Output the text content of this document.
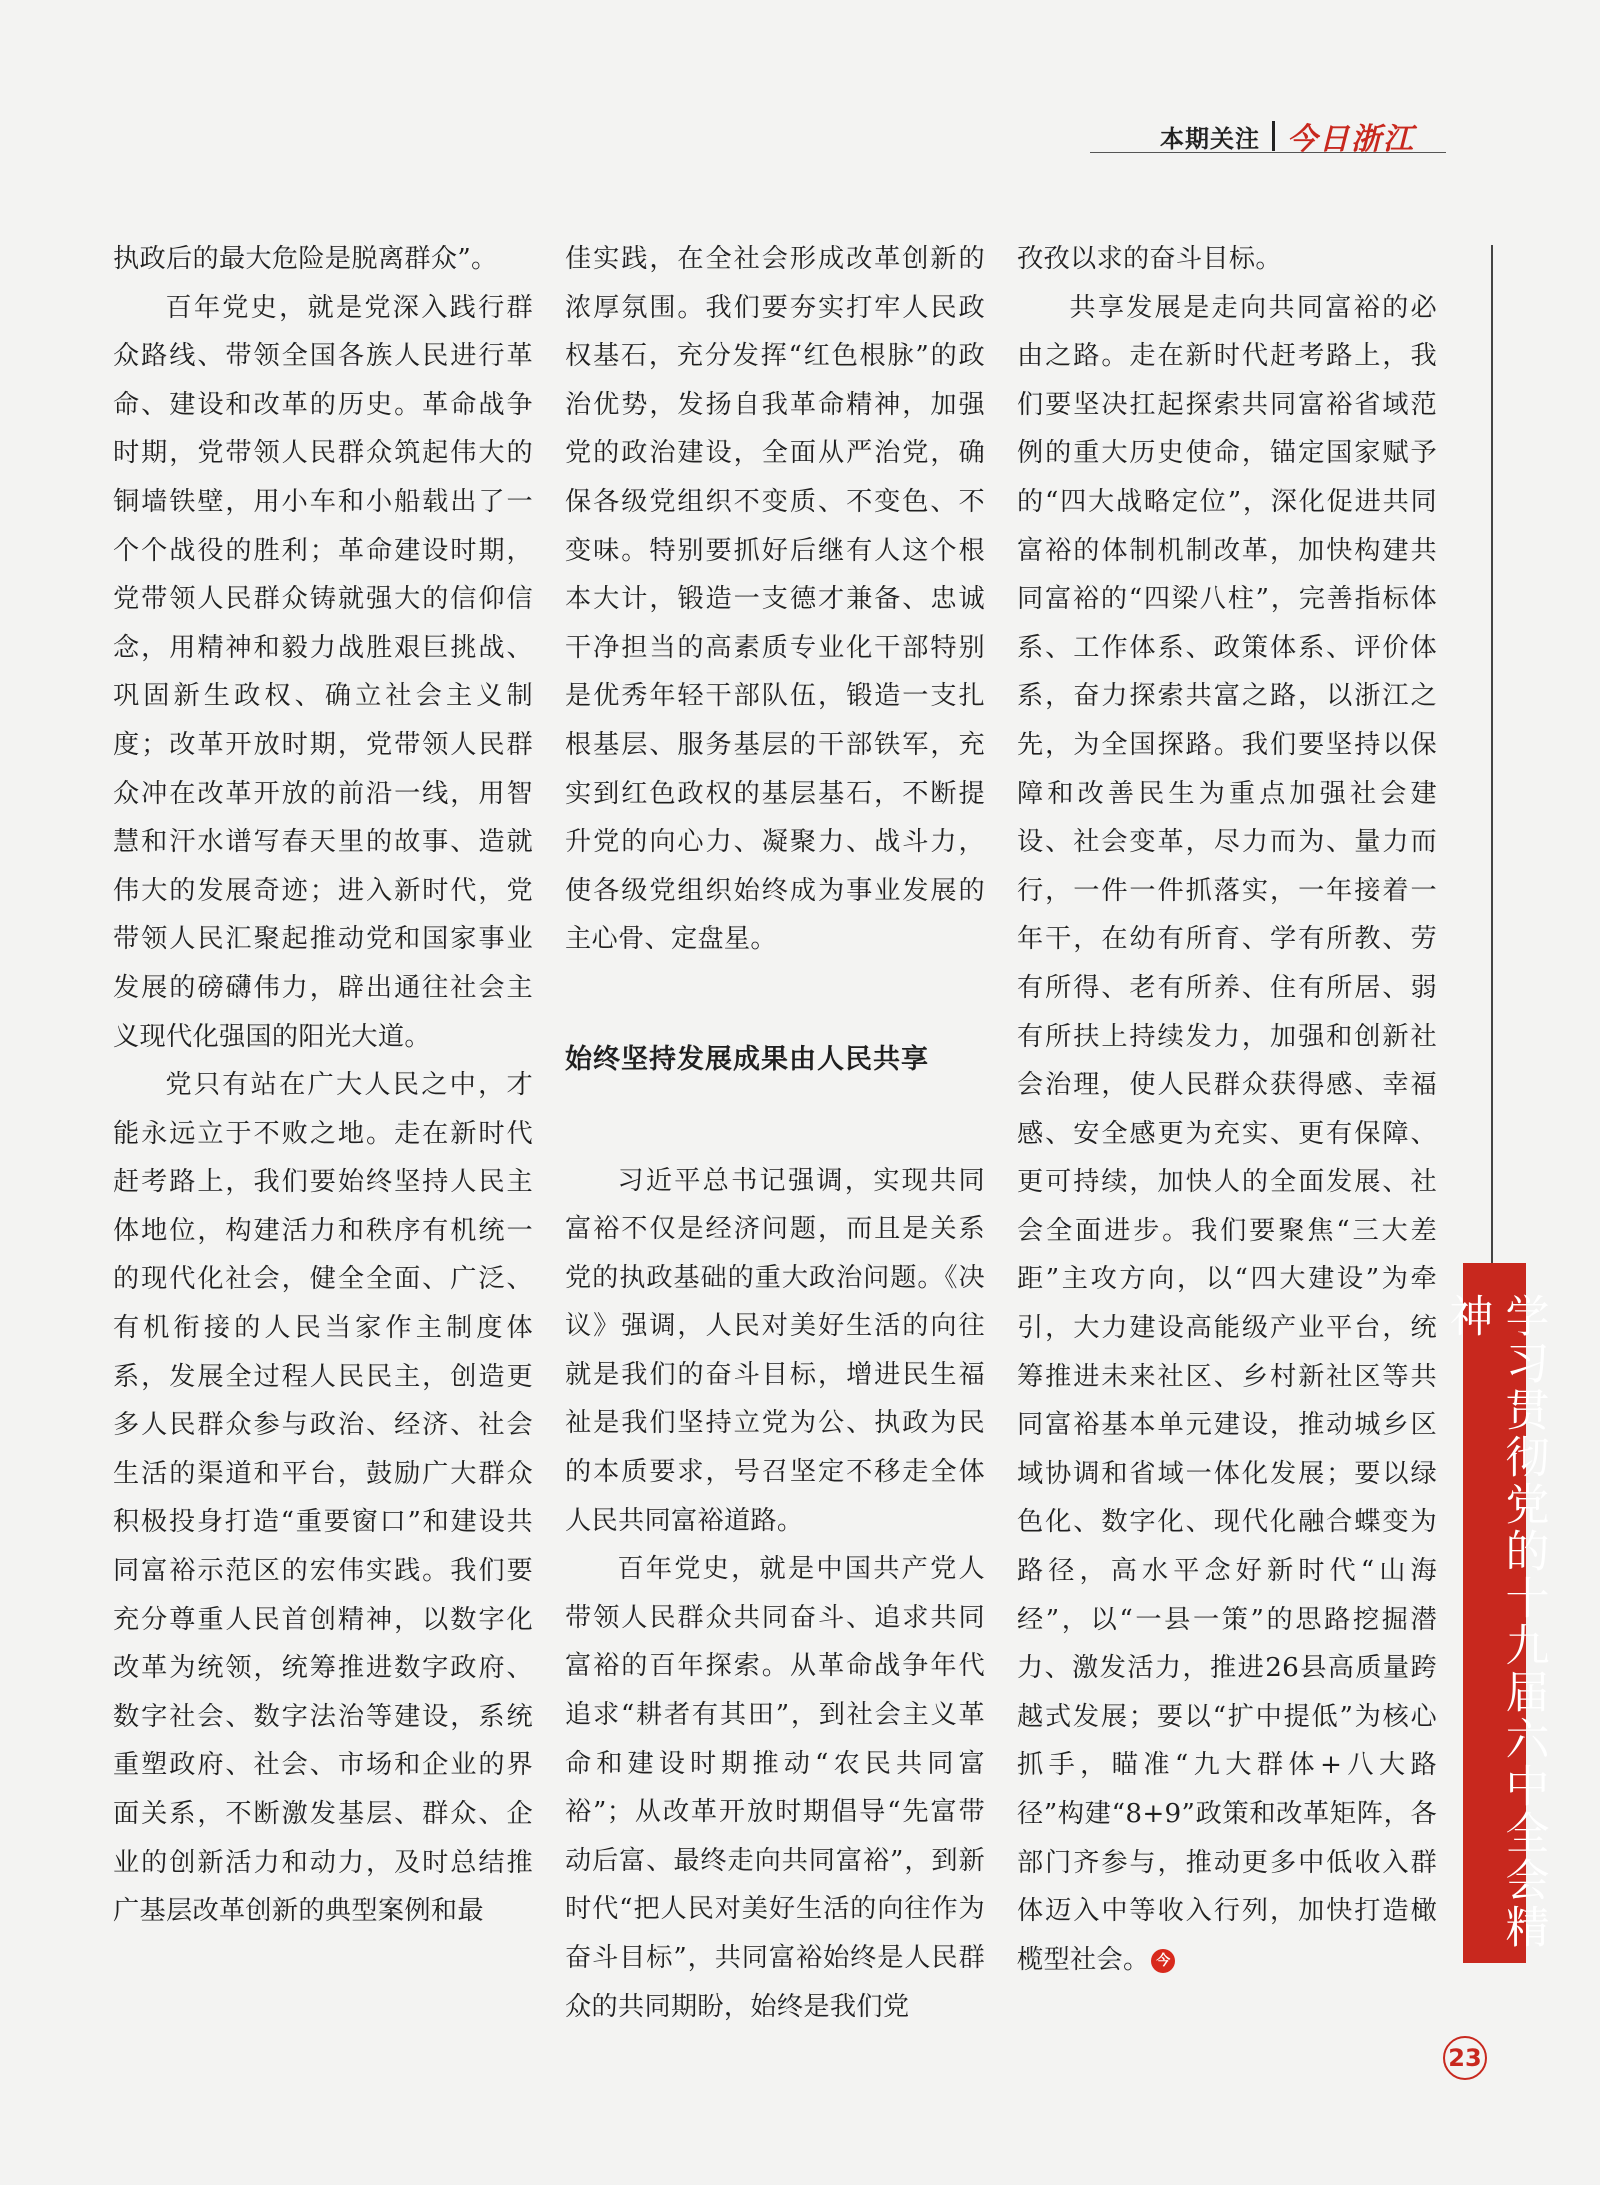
本期关注 今日浙江

执政后的最大危险是脱离群众”。

百年党史，就是党深入践行群众路线、带领全国各族人民进行革命、建设和改革的历史。革命战争时期，党带领人民群众筑起伟大的铜墙铁壁，用小车和小船载出了一个个战役的胜利；革命建设时期，党带领人民群众铸就强大的信仰信念，用精神和毅力战胜艰巨挑战、巩固新生政权、确立社会主义制度；改革开放时期，党带领人民群众冲在改革开放的前沿一线，用智慧和汗水谱写春天里的故事、造就伟大的发展奇迹；进入新时代，党带领人民汇聚起推动党和国家事业发展的磅礴伟力，辟出通往社会主义现代化强国的阳光大道。

党只有站在广大人民之中，才能永远立于不败之地。走在新时代赶考路上，我们要始终坚持人民主体地位，构建活力和秩序有机统一的现代化社会，健全全面、广泛、有机衔接的人民当家作主制度体系，发展全过程人民民主，创造更多人民群众参与政治、经济、社会生活的渠道和平台，鼓励广大群众积极投身打造“重要窗口”和建设共同富裕示范区的宏伟实践。我们要充分尊重人民首创精神，以数字化改革为统领，统筹推进数字政府、数字社会、数字法治等建设，系统重塑政府、社会、市场和企业的界面关系，不断激发基层、群众、企业的创新活力和动力，及时总结推广基层改革创新的典型案例和最

佳实践，在全社会形成改革创新的浓厚氛围。我们要夯实打牢人民政权基石，充分发挥“红色根脉”的政治优势，发扬自我革命精神，加强党的政治建设，全面从严治党，确保各级党组织不变质、不变色、不变味。特别要抓好后继有人这个根本大计，锻造一支德才兼备、忠诚干净担当的高素质专业化干部特别是优秀年轻干部队伍，锻造一支扎根基层、服务基层的干部铁军，充实到红色政权的基层基石，不断提升党的向心力、凝聚力、战斗力，使各级党组织始终成为事业发展的主心骨、定盘星。

始终坚持发展成果由人民共享

习近平总书记强调，实现共同富裕不仅是经济问题，而且是关系党的执政基础的重大政治问题。《决议》强调，人民对美好生活的向往就是我们的奋斗目标，增进民生福祉是我们坚持立党为公、执政为民的本质要求，号召坚定不移走全体人民共同富裕道路。

百年党史，就是中国共产党人带领人民群众共同奋斗、追求共同富裕的百年探索。从革命战争年代追求“耕者有其田”，到社会主义革命和建设时期推动“农民共同富裕”；从改革开放时期倡导“先富带动后富、最终走向共同富裕”，到新时代“把人民对美好生活的向往作为奋斗目标”，共同富裕始终是人民群众的共同期盼，始终是我们党

孜孜以求的奋斗目标。

共享发展是走向共同富裕的必由之路。走在新时代赶考路上，我们要坚决扛起探索共同富裕省域范例的重大历史使命，锚定国家赋予的“四大战略定位”，深化促进共同富裕的体制机制改革，加快构建共同富裕的“四梁八柱”，完善指标体系、工作体系、政策体系、评价体系，奋力探索共富之路，以浙江之先，为全国探路。我们要坚持以保障和改善民生为重点加强社会建设、社会变革，尽力而为、量力而行，一件一件抓落实，一年接着一年干，在幼有所育、学有所教、劳有所得、老有所养、住有所居、弱有所扶上持续发力，加强和创新社会治理，使人民群众获得感、幸福感、安全感更为充实、更有保障、更可持续，加快人的全面发展、社会全面进步。我们要聚焦“三大差距”主攻方向，以“四大建设”为牵引，大力建设高能级产业平台，统筹推进未来社区、乡村新社区等共同富裕基本单元建设，推动城乡区域协调和省域一体化发展；要以绿色化、数字化、现代化融合蝶变为路径，高水平念好新时代“山海经”，以“一县一策”的思路挖掘潜力、激发活力，推进26县高质量跨越式发展；要以“扩中提低”为核心抓手，瞄准“九大群体+八大路径”构建“8+9”政策和改革矩阵，各部门齐参与，推动更多中低收入群体迈入中等收入行列，加快打造橄榄型社会。 今

学习贯彻党的十九届六中全会精神
23
